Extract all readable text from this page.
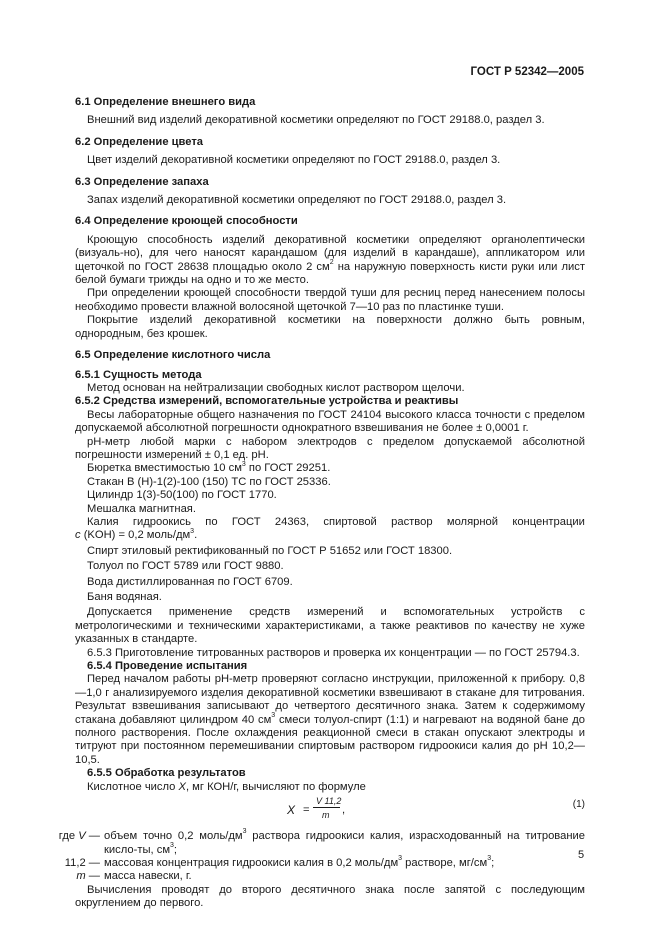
ГОСТ Р 52342—2005

6.1 Определение внешнего вида

Внешний вид изделий декоративной косметики определяют по ГОСТ 29188.0, раздел 3.

6.2 Определение цвета

Цвет изделий декоративной косметики определяют по ГОСТ 29188.0, раздел 3.

6.3 Определение запаха

Запах изделий декоративной косметики определяют по ГОСТ 29188.0, раздел 3.

6.4 Определение кроющей способности

Кроющую способность изделий декоративной косметики определяют органолептически (визуаль-но), для чего наносят карандашом (для изделий в карандаше), аппликатором или щеточкой по ГОСТ 28638 площадью около 2 $см^2$ на наружную поверхность кисти руки или лист белой бумаги трижды на одно и то же место.

При определении кроющей способности твердой туши для ресниц перед нанесением полосы необходимо провести влажной волосяной щеточкой 7—10 раз по пластинке туши.

Покрытие изделий декоративной косметики на поверхности должно быть ровным, однородным, без крошек.

6.5 Определение кислотного числа

6.5.1 Сущность метода

Метод основан на нейтрализации свободных кислот раствором щелочи.

6.5.2 Средства измерений, вспомогательные устройства и реактивы

Весы лабораторные общего назначения по ГОСТ 24104 высокого класса точности с пределом допускаемой абсолютной погрешности однократного взвешивания не более ± 0,0001 г.

pH-метр любой марки с набором электродов с пределом допускаемой абсолютной погрешности измерений ± 0,1 ед. pH.

Бюретка вместимостью 10 $см^3$ по ГОСТ 29251.

Стакан В (Н)-1(2)-100 (150) ТС по ГОСТ 25336.

Цилиндр 1(3)-50(100) по ГОСТ 1770.

Мешалка магнитная.

Калия гидроокись по ГОСТ 24363, спиртовой раствор молярной концентрации

c (KOH) = 0,2 моль/$дм^3$.

Спирт этиловый ректификованный по ГОСТ Р 51652 или ГОСТ 18300.

Толуол по ГОСТ 5789 или ГОСТ 9880.

Вода дистиллированная по ГОСТ 6709.

Баня водяная.

Допускается применение средств измерений и вспомогательных устройств с метрологическими и техническими характеристиками, а также реактивов по качеству не хуже указанных в стандарте.

6.5.3 Приготовление титрованных растворов и проверка их концентрации — по ГОСТ 25794.3.

6.5.4 Проведение испытания

Перед началом работы pH-метр проверяют согласно инструкции, приложенной к прибору. 0,8—1,0 г анализируемого изделия декоративной косметики взвешивают в стакане для титрования. Результат взвешивания записывают до четвертого десятичного знака. Затем к содержимому стакана добавляют цилиндром 40 $см^3$ смеси толуол-спирт (1:1) и нагревают на водяной бане до полного растворения. После охлаждения реакционной смеси в стакан опускают электроды и титруют при постоянном перемешивании спиртовым раствором гидроокиси калия до pH 10,2—10,5.

6.5.5 Обработка результатов

Кислотное число X, мг КОН/г, вычисляют по формуле

X =
V 11,2
m ,	(1)
где V — объем точно 0,2 моль/$дм^3$ раствора гидроокиси калия, израсходованный на титрование кисло-ты, $см^3$;
11,2 — массовая концентрация гидроокиси калия в 0,2 моль/$дм^3$ растворе, $мг/см^3$;
m — масса навески, г.

Вычисления проводят до второго десятичного знака после запятой с последующим округлением до первого.

5
